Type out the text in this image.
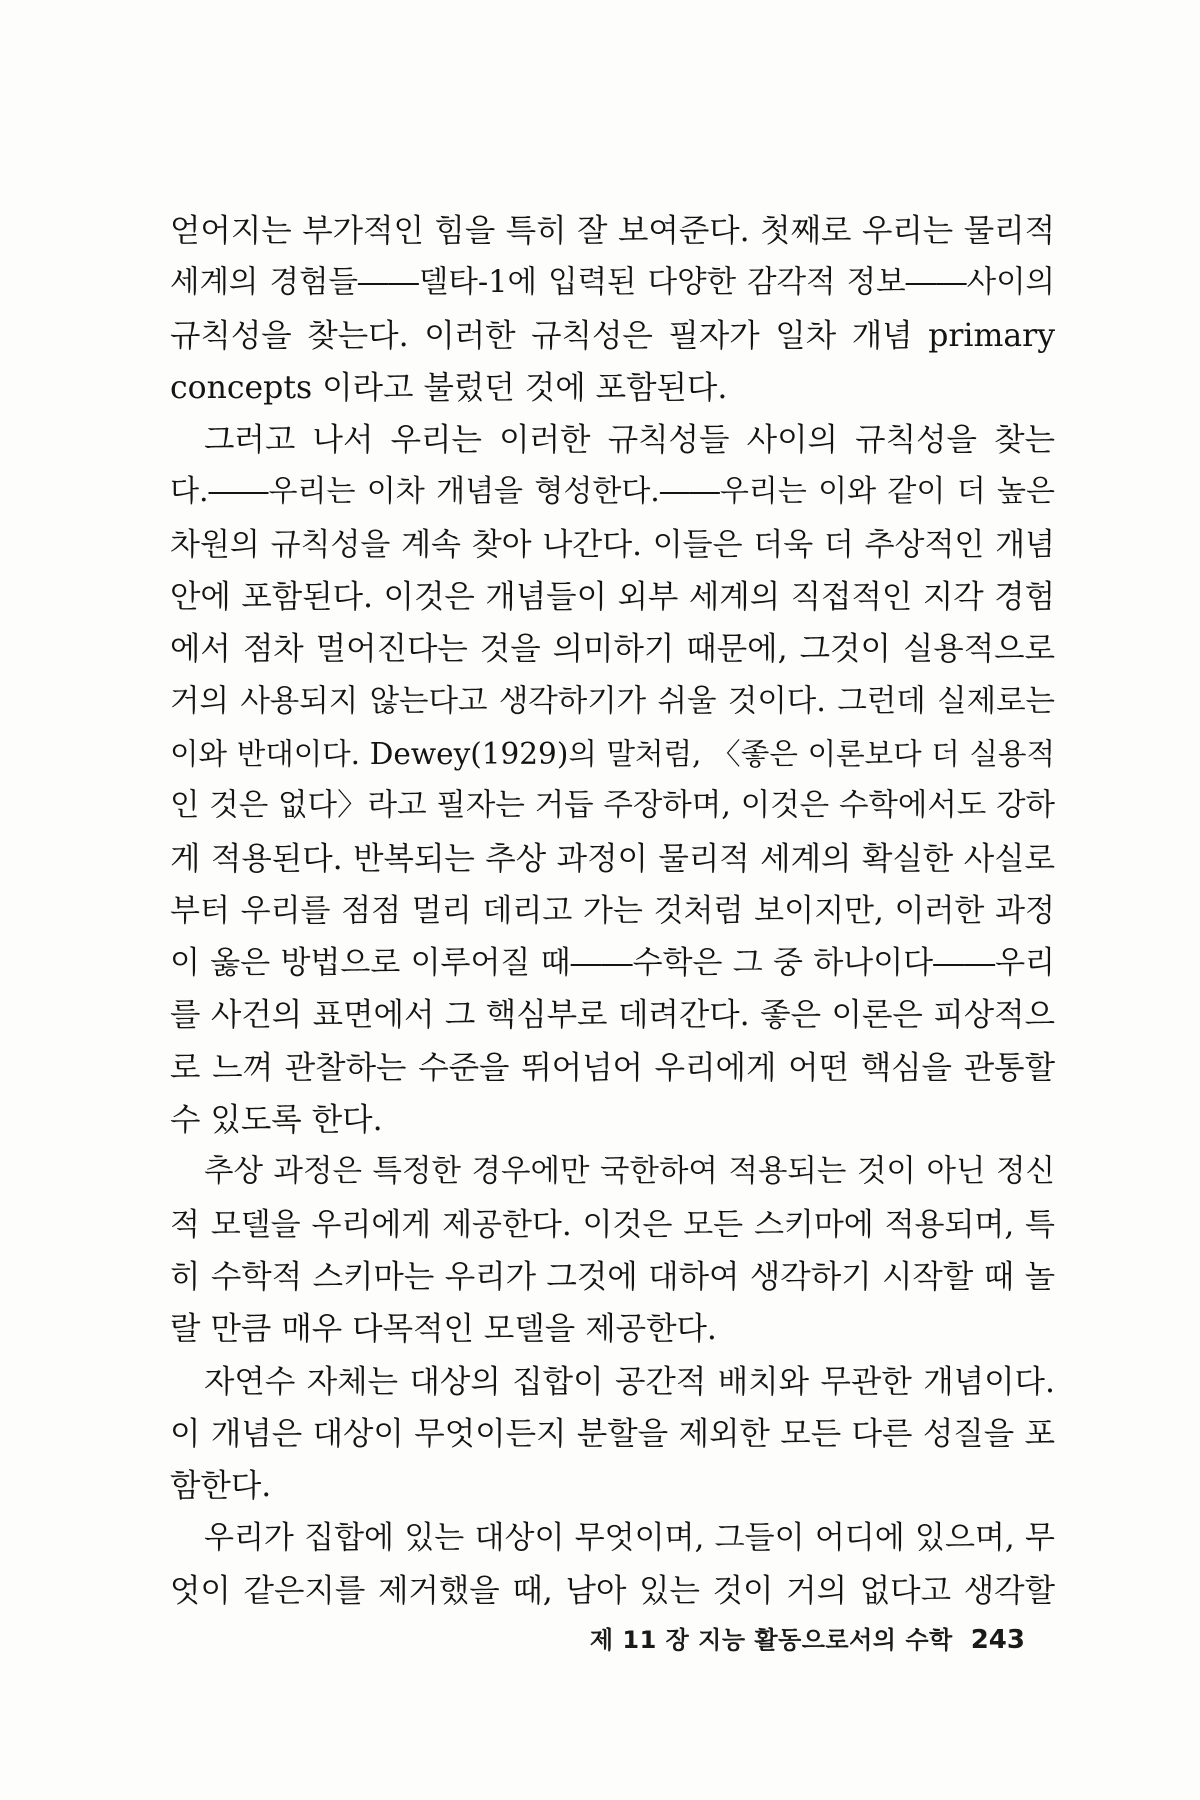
얻어지는 부가적인 힘을 특히 잘 보여준다. 첫째로 우리는 물리적
세계의 경험들――델타-1에 입력된 다양한 감각적 정보――사이의
규칙성을 찾는다. 이러한 규칙성은 필자가 일차 개념 primary
concepts 이라고 불렀던 것에 포함된다.
그러고 나서 우리는 이러한 규칙성들 사이의 규칙성을 찾는
다.――우리는 이차 개념을 형성한다.――우리는 이와 같이 더 높은
차원의 규칙성을 계속 찾아 나간다. 이들은 더욱 더 추상적인 개념
안에 포함된다. 이것은 개념들이 외부 세계의 직접적인 지각 경험
에서 점차 멀어진다는 것을 의미하기 때문에, 그것이 실용적으로
거의 사용되지 않는다고 생각하기가 쉬울 것이다. 그런데 실제로는
이와 반대이다. Dewey(1929)의 말처럼, 〈좋은 이론보다 더 실용적
인 것은 없다〉라고 필자는 거듭 주장하며, 이것은 수학에서도 강하
게 적용된다. 반복되는 추상 과정이 물리적 세계의 확실한 사실로
부터 우리를 점점 멀리 데리고 가는 것처럼 보이지만, 이러한 과정
이 옳은 방법으로 이루어질 때――수학은 그 중 하나이다――우리
를 사건의 표면에서 그 핵심부로 데려간다. 좋은 이론은 피상적으
로 느껴 관찰하는 수준을 뛰어넘어 우리에게 어떤 핵심을 관통할
수 있도록 한다.
추상 과정은 특정한 경우에만 국한하여 적용되는 것이 아닌 정신
적 모델을 우리에게 제공한다. 이것은 모든 스키마에 적용되며, 특
히 수학적 스키마는 우리가 그것에 대하여 생각하기 시작할 때 놀
랄 만큼 매우 다목적인 모델을 제공한다.
자연수 자체는 대상의 집합이 공간적 배치와 무관한 개념이다.
이 개념은 대상이 무엇이든지 분할을 제외한 모든 다른 성질을 포
함한다.
우리가 집합에 있는 대상이 무엇이며, 그들이 어디에 있으며, 무
엇이 같은지를 제거했을 때, 남아 있는 것이 거의 없다고 생각할
제 11 장 지능 활동으로서의 수학 243
